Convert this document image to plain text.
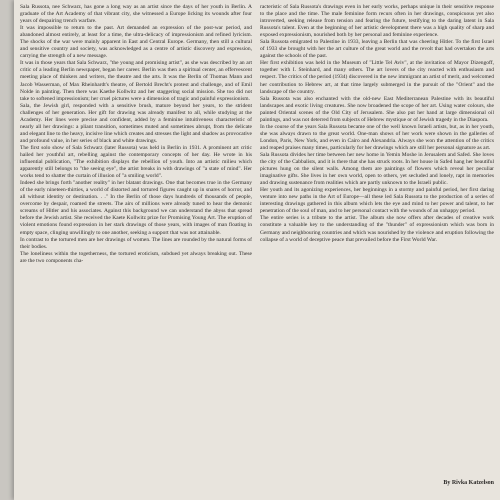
Sala Russota, nee Schwarz, has gone a long way as an artist since the days of her youth in Berlin. A graduate of the Art Academy of that vibrant city, she witnessed a Europe licking its wounds after four years of despairing trench warfare.

It was impossible to return to the past. Art demanded an expression of the post-war period, and abandoned almost entirely, at least for a time, the ultra-delicacy of impressionism and refined lyricism. The shocks of the war were mainly apparent in East and Central Europe. Germany, then still a cultural and sensitive country and society, was acknowledged as a centre of artistic discovery and expression, carrying the strength of a new message.

It was in those years that Sala Schwarz, "the young and promising artist", as she was described by an art critic of a leading Berlin newspaper, began her career. Berlin was then a spiritual center, an effervescent meeting place of thinkers and writers, the theatre and the arts. It was the Berlin of Thomas Mann and Jacob Wasserman, of Max Rheinhardt's theatre, of Bertold Brecht's protest and challenge, and of Emil Nolde in painting. Then there was Kaethe Kollwitz and her staggering social mission. She too did not take to softened impressionism; her cruel pictures were a dimension of tragic and painful expressionism.

Sala, the Jewish girl, responded with a sensitive brush, mature beyond her years, to the strident challenges of her generation. Her gift for drawing was already manifest to all, while studying at the Academy. Her lines were precise and confident, added by a feminine intuitiveness characteristic of nearly all her drawings: a pliant transition, sometimes muted and sometimes abrupt, from the delicate and elegant line to the heavy, incisive line which creates and stresses the light and shadow as provocative and profound value, in her series of black and white drawings.

The first solo show of Sala Schwarz (later Russota) was held in Berlin in 1931. A prominent art critic hailed her youthful art, rebelling against the contemporary concepts of her day. He wrote in his influential publication, "The exhibition displays the rebellion of youth. Into an artistic milieu which apparently still belongs to "the seeing eye", the artist breaks in with drawings of "a state of mind". Her works tend to shatter the curtain of illusion of "a smiling world".

Indeed she brings forth "another reality" in her blatant drawings. One that becomes true in the Germany of the early nineteen-thirties, a world of distorted and tortured figures caught up in snares of horror, and all without identity or destination. . ." In the Berlin of those days hundreds of thousands of people, overcome by despair, roamed the streets. The airs of millions were already tuned to hear the demonic screams of Hitler and his associates. Against this background we can understand the abyss that spread before the Jewish artist. She received the Kaete Kollwitz prize for Promising Young Art. The eruption of violent emotions found expression in her stark drawings of those years, with images of man floating in empty space, clinging unwillingly to one another, seeking a support that was not attainable.

In contrast to the tortured men are her drawings of women. The lines are rounded by the natural forms of their bodies.

The loneliness within the togetherness, the tortured eroticism, subdued yet always breaking out. These are the two components cha-

racteristic of Sala Russota's drawings even in her early works, perhaps unique in their sensitive response to the place and the time. The male feminine form recurs often in her drawings, conspicuous yet also introverted, seeking release from tension and fearing the future, testifying to the daring latent in Sala Russota's talent. Even at the beginning of her artistic development there was a high quality of sharp and exposed expressionism, nourished both by her personal and feminine experience.

Sala Russota emigrated to Palestine in 1933, leaving a Berlin that was cheering Hitler. To the first Israel of 1933 she brought with her the art culture of the great world and the revolt that had overtaken the arts against the schools of the past.

Her first exhibition was held in the Museum of "Little Tel Aviv", at the invitation of Mayor Dizengoff, together with I. Steinhard, and many others. The art lovers of the city reacted with enthusiasm and respect. The critics of the period (1934) discovered in the new immigrant an artist of merit, and welcomed her contribution to Hebrew art, at that time largely submerged in the pursuit of the "Orient" and the landscape of the country.

Sala Russota was also enchanted with the old-new East Mediterranean Palestine with its beautiful landscapes and exotic living creatures. She now broadened the scope of her art. Using water colours, she painted Oriental scenes of the Old City of Jerusalem. She also put her hand at large dimensional oil paintings, and was not deterred from subjects of Hebrew mystique or of Jewish tragedy in the Diaspora.

In the course of the years Sala Russota became one of the well known Israeli artists, but, as in her youth, she was always drawn to the great world. One-man shows of her work were shown in the galleries of London, Paris, New York, and even in Cairo and Alexandria. Always she won the attention of the critics and reaped praises many times, particularly for her drawings which are still her personal signature as art.

Sala Russota divides her time between her new home in Yemin Moshe in Jerusalem and Safed. She loves the city of the Cabbalists, and it is there that she has struck roots. In her house in Safed hang her beautiful pictures hung on the silent walls. Among them are paintings of flowers which reveal her peculiar imaginative gifts. She lives in her own world, open to others, yet secluded and lonely, rapt in memories and drawing sustenance from realities which are partly unknown to the Israeli public.

Her youth and its agonizing experiences, her beginnings in a stormy and painful period, her first daring venture into new paths in the Art of Europe—all these led Sala Russota to the production of a series of interesting drawings gathered in this album which lets the eye and mind to her power and talent, to her penetration of the soul of man, and to her personal contact with the wounds of an unhappy period.

The entire series is a tribute to the artist. The album she now offers after decades of creative work constitute a valuable key to the understanding of the "thunder" of expressionism which was born in Germany and neighbouring countries and which was nourished by the violence and eruption following the collapse of a world of deceptive peace that prevailed before the First World War.

By Rivka Katzelson
